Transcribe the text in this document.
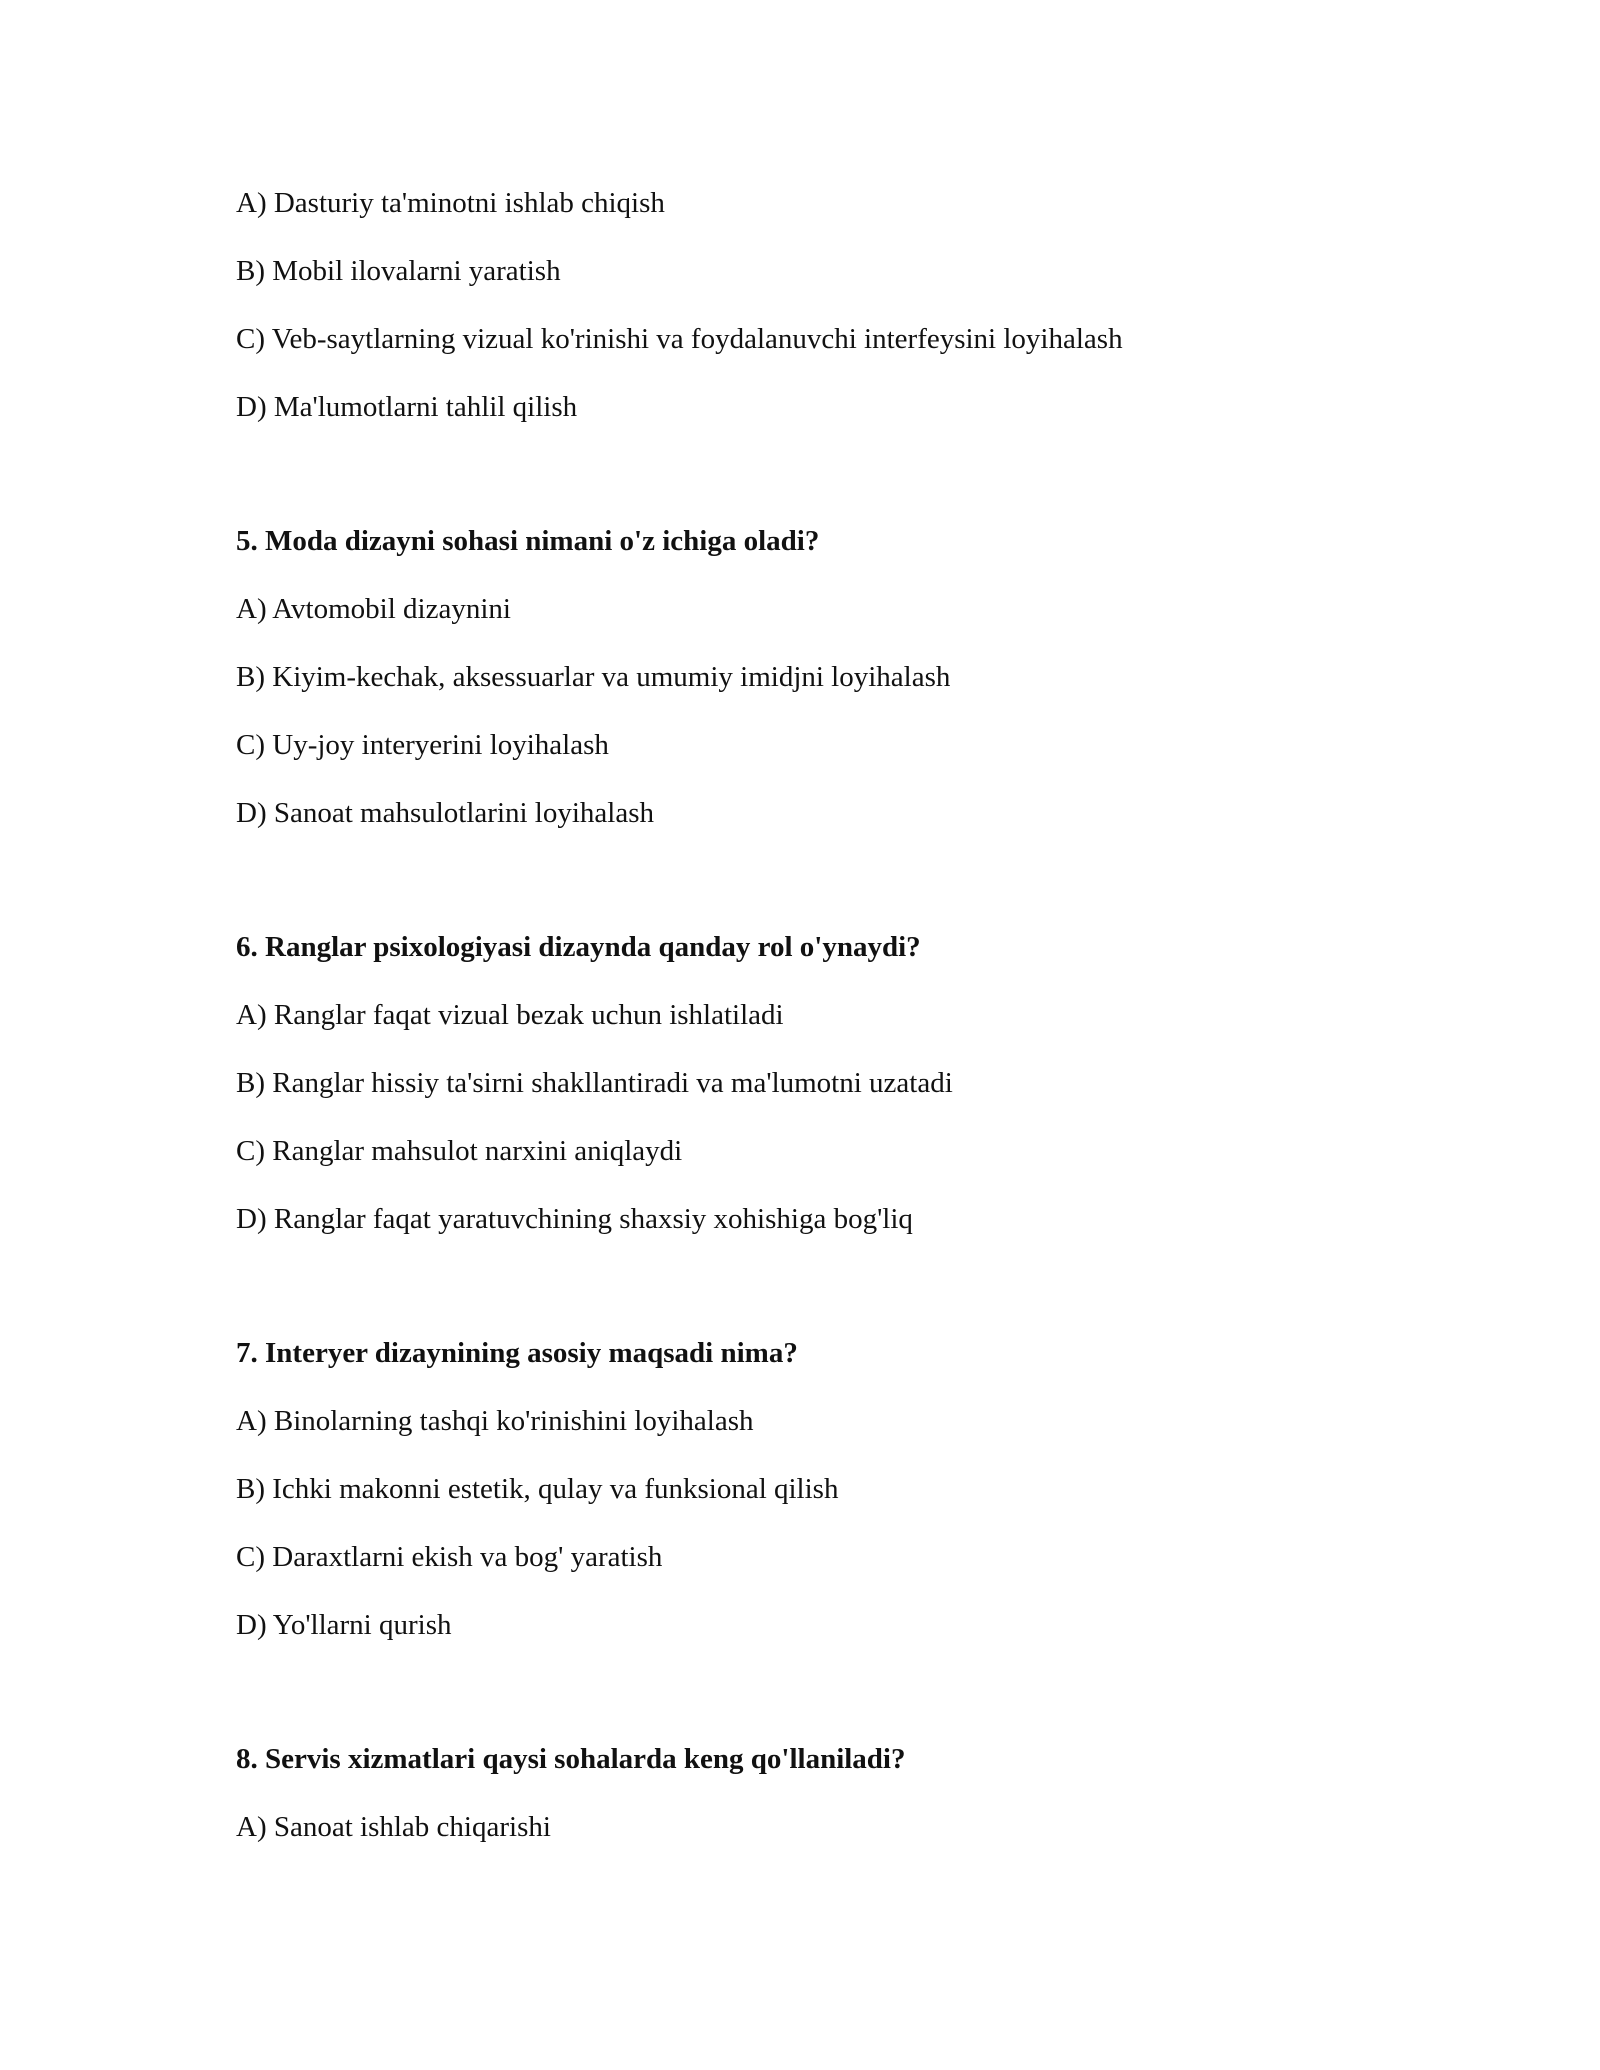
A) Dasturiy ta'minotni ishlab chiqish
B) Mobil ilovalarni yaratish
C) Veb-saytlarning vizual ko'rinishi va foydalanuvchi interfeysini loyihalash
D) Ma'lumotlarni tahlil qilish
5. Moda dizayni sohasi nimani o'z ichiga oladi?
A) Avtomobil dizaynini
B) Kiyim-kechak, aksessuarlar va umumiy imidjni loyihalash
C) Uy-joy interyerini loyihalash
D) Sanoat mahsulotlarini loyihalash
6. Ranglar psixologiyasi dizaynda qanday rol o'ynaydi?
A) Ranglar faqat vizual bezak uchun ishlatiladi
B) Ranglar hissiy ta'sirni shakllantiradi va ma'lumotni uzatadi
C) Ranglar mahsulot narxini aniqlaydi
D) Ranglar faqat yaratuvchining shaxsiy xohishiga bog'liq
7. Interyer dizaynining asosiy maqsadi nima?
A) Binolarning tashqi ko'rinishini loyihalash
B) Ichki makonni estetik, qulay va funksional qilish
C) Daraxtlarni ekish va bog' yaratish
D) Yo'llarni qurish
8. Servis xizmatlari qaysi sohalarda keng qo'llaniladi?
A) Sanoat ishlab chiqarishi
